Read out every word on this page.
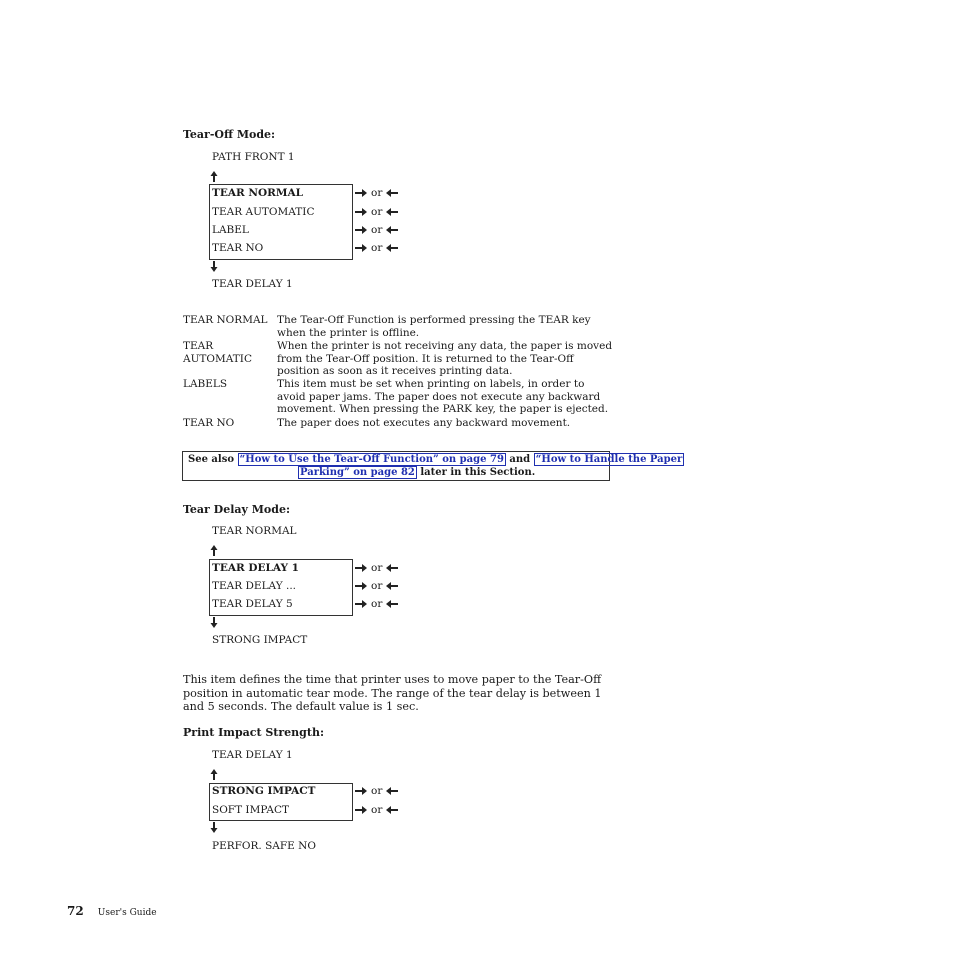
Tear-Off Mode:
PATH FRONT 1
TEAR NORMAL
TEAR AUTOMATIC
LABEL
TEAR NO
or
or
or
or
TEAR DELAY 1
TEAR NORMAL The Tear-Off Function is performed pressing the TEAR key when the printer is offline.
TEAR AUTOMATIC
When the printer is not receiving any data, the paper is moved from the Tear-Off position. It is returned to the Tear-Off position as soon as it receives printing data.
LABELS	This item must be set when printing on labels, in order to avoid paper jams. The paper does not execute any backward movement. When pressing the PARK key, the paper is ejected.
TEAR NO	The paper does not executes any backward movement.
See also “How to Use the Tear-Off Function” on page 79 and “How to Handle the Paper
Parking” on page 82 later in this Section.
Tear Delay Mode:
TEAR NORMAL
TEAR DELAY 1
TEAR DELAY ...
TEAR DELAY 5
or
or
or
STRONG IMPACT
This item defines the time that printer uses to move paper to the Tear-Off position in automatic tear mode. The range of the tear delay is between 1 and 5 seconds. The default value is 1 sec.
Print Impact Strength:
TEAR DELAY 1
STRONG IMPACT
SOFT IMPACT
or
or
PERFOR. SAFE NO
72 User's Guide
